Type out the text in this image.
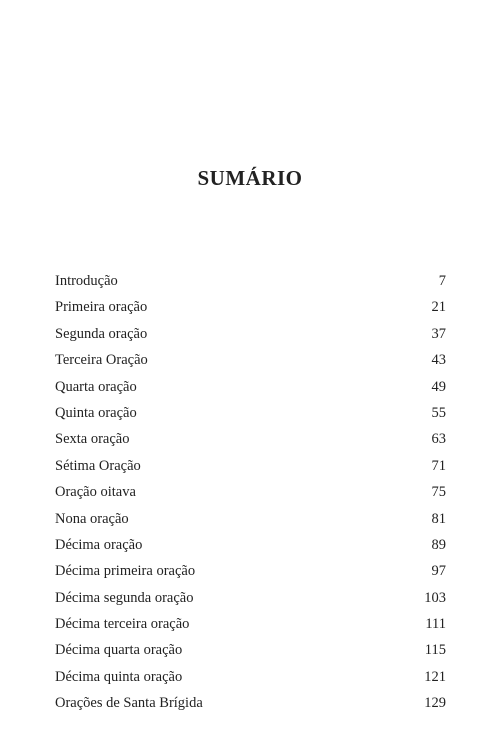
SUMÁRIO
Introdução	7
Primeira oração	21
Segunda oração	37
Terceira Oração	43
Quarta oração	49
Quinta oração	55
Sexta oração	63
Sétima Oração	71
Oração oitava	75
Nona oração	81
Décima oração	89
Décima primeira oração	97
Décima segunda oração	103
Décima terceira oração	111
Décima quarta oração	115
Décima quinta oração	121
Orações de Santa Brígida	129
